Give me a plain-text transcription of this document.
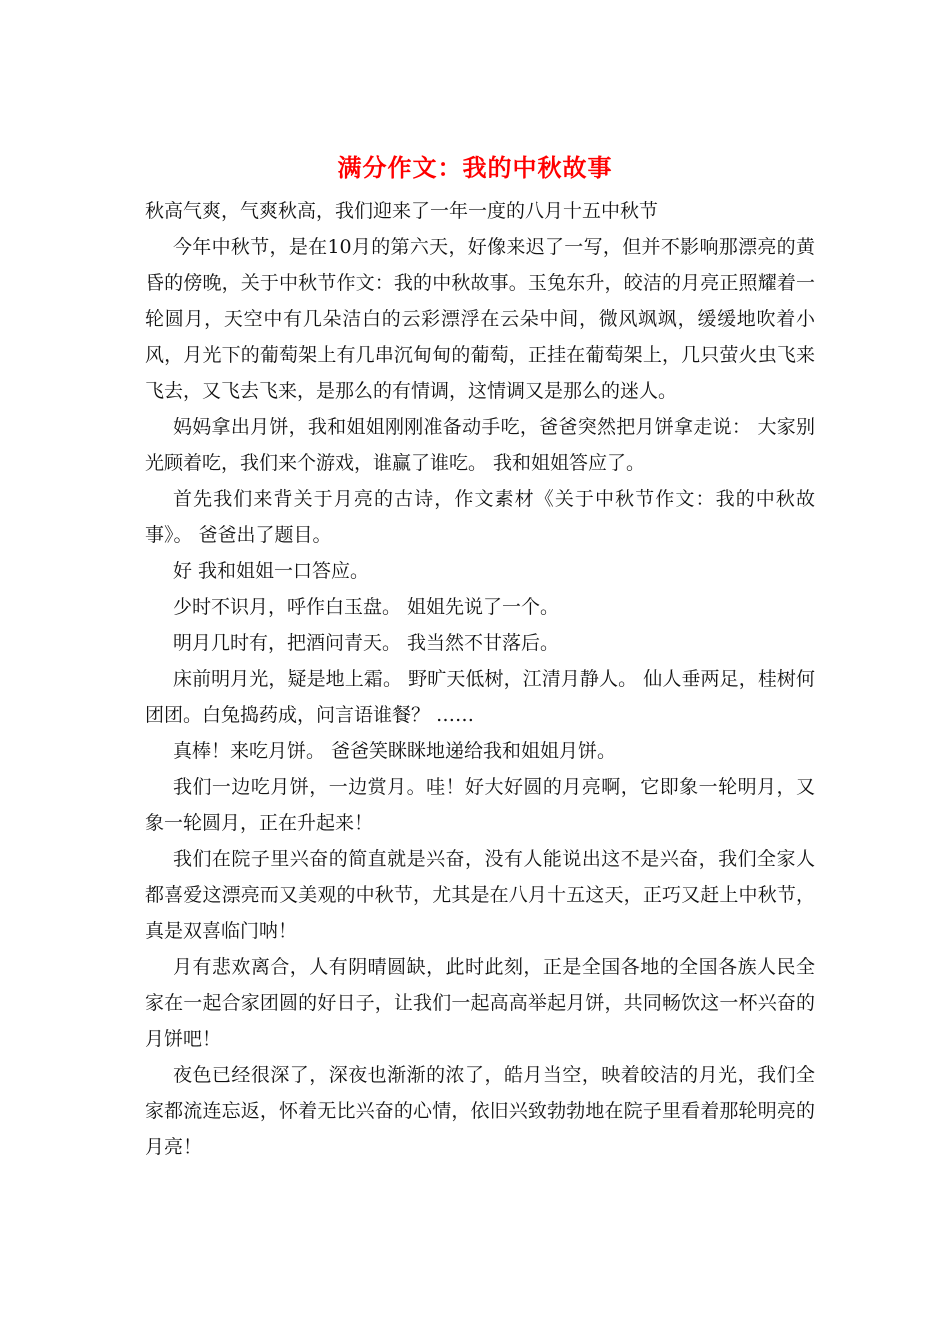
满分作文：我的中秋故事

秋高气爽，气爽秋高，我们迎来了一年一度的八月十五中秋节

今年中秋节，是在10月的第六天，好像来迟了一写，但并不影响那漂亮的黄昏的傍晚，关于中秋节作文：我的中秋故事。玉兔东升，皎洁的月亮正照耀着一轮圆月，天空中有几朵洁白的云彩漂浮在云朵中间，微风飒飒，缓缓地吹着小风，月光下的葡萄架上有几串沉甸甸的葡萄，正挂在葡萄架上，几只萤火虫飞来飞去，又飞去飞来，是那么的有情调，这情调又是那么的迷人。

妈妈拿出月饼，我和姐姐刚刚准备动手吃，爸爸突然把月饼拿走说： 大家别光顾着吃，我们来个游戏，谁赢了谁吃。 我和姐姐答应了。

首先我们来背关于月亮的古诗，作文素材《关于中秋节作文：我的中秋故事》。 爸爸出了题目。

好 我和姐姐一口答应。

少时不识月，呼作白玉盘。 姐姐先说了一个。

明月几时有，把酒问青天。 我当然不甘落后。

床前明月光，疑是地上霜。 野旷天低树，江清月静人。 仙人垂两足，桂树何团团。白兔捣药成，问言语谁餐？ ……

真棒！来吃月饼。 爸爸笑眯眯地递给我和姐姐月饼。

我们一边吃月饼，一边赏月。哇！好大好圆的月亮啊，它即象一轮明月，又象一轮圆月，正在升起来！

我们在院子里兴奋的简直就是兴奋，没有人能说出这不是兴奋，我们全家人都喜爱这漂亮而又美观的中秋节，尤其是在八月十五这天，正巧又赶上中秋节，真是双喜临门呐！

月有悲欢离合，人有阴晴圆缺，此时此刻，正是全国各地的全国各族人民全家在一起合家团圆的好日子，让我们一起高高举起月饼，共同畅饮这一杯兴奋的月饼吧！

夜色已经很深了，深夜也渐渐的浓了，皓月当空，映着皎洁的月光，我们全家都流连忘返，怀着无比兴奋的心情，依旧兴致勃勃地在院子里看着那轮明亮的月亮！
